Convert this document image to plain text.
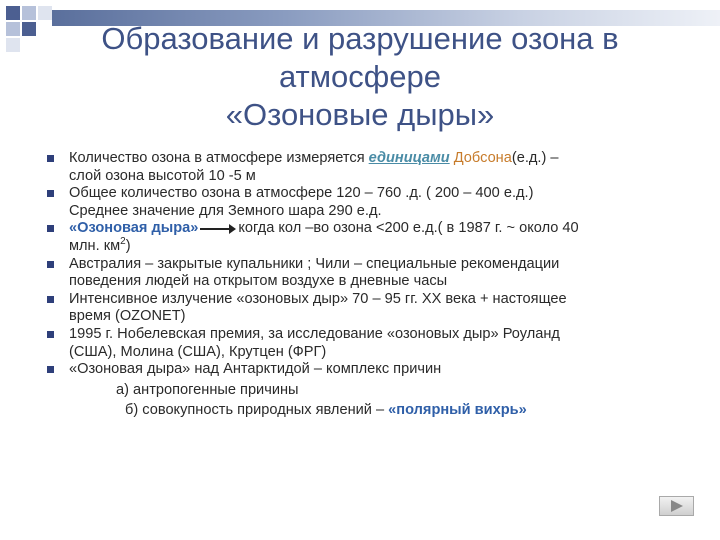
Образование и разрушение озона в
атмосфере
«Озоновые дыры»
Количество озона в атмосфере измеряется единицами Добсона(е.д.) –
слой озона высотой 10 -5 м
Общее количество озона в атмосфере 120 – 760 .д. ( 200 – 400 е.д.)
Среднее значение для Земного шара 290 е.д.
«Озоновая дыра»	когда кол –во озона <200 е.д.( в 1987 г. ~ около 40
млн. $км^2$)
Австралия – закрытые купальники ; Чили – специальные рекомендации
поведения людей на открытом воздухе в дневные часы
Интенсивное излучение «озоновых дыр» 70 – 95 гг. ХХ века + настоящее
время (OZONET)
1995 г. Нобелевская премия, за исследование «озоновых дыр» Роуланд
(США), Молина (США), Крутцен (ФРГ)
«Озоновая дыра» над Антарктидой – комплекс причин
а) антропогенные причины
б) совокупность природных явлений – «полярный вихрь»
